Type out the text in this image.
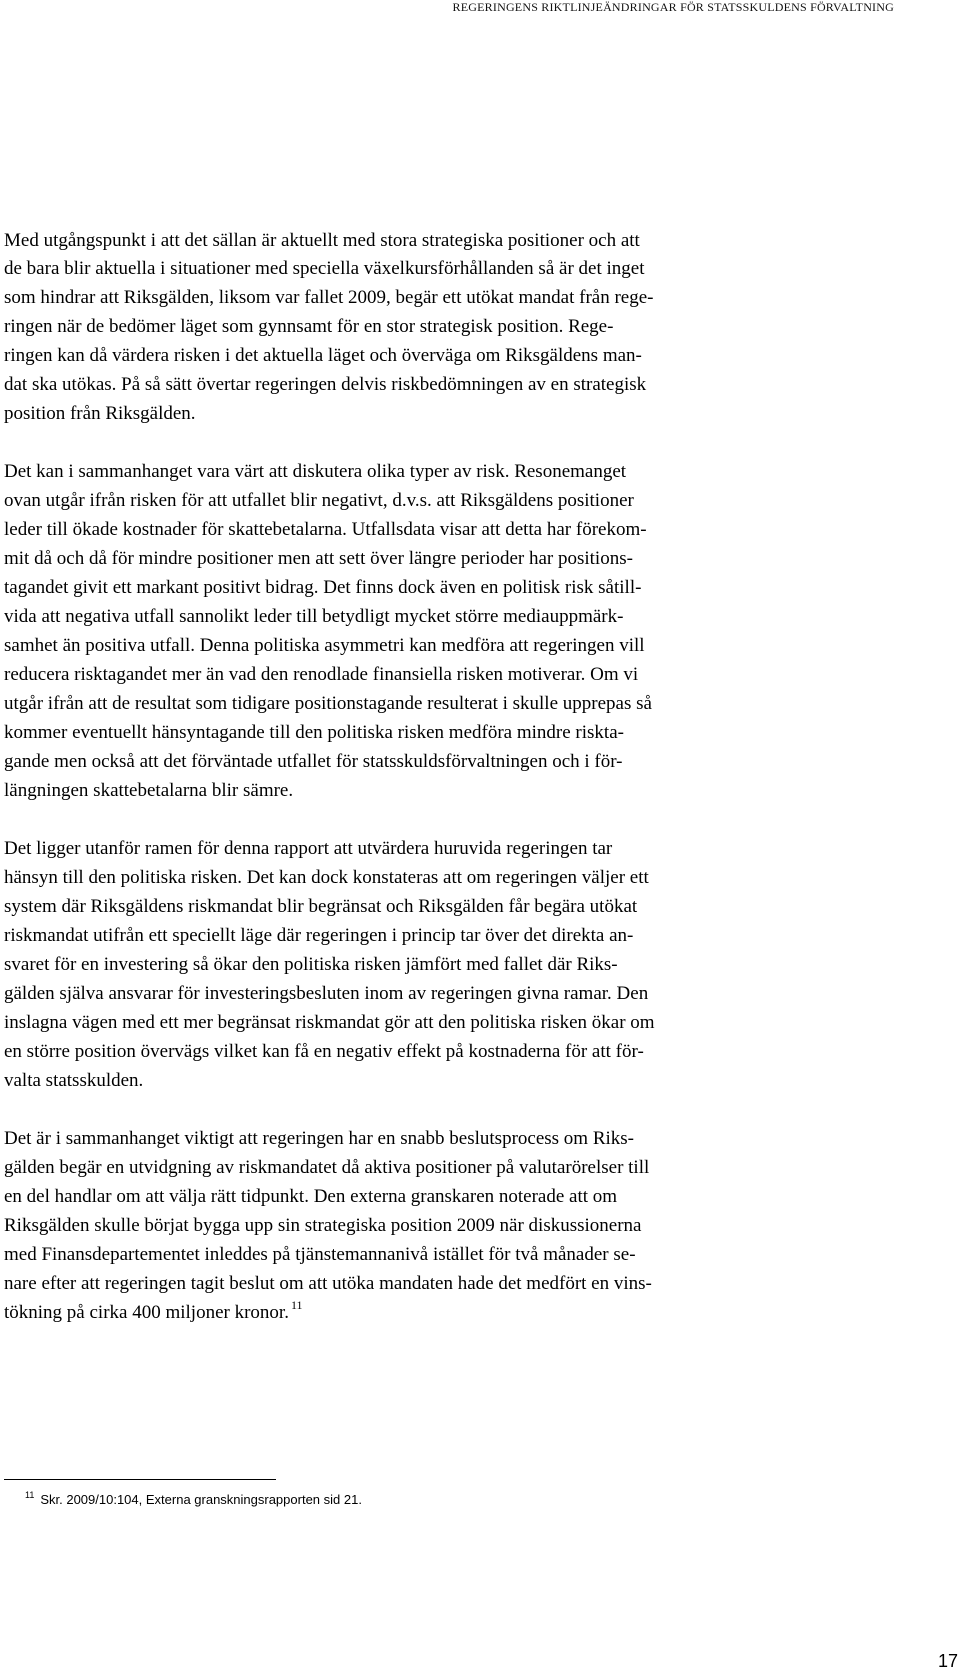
REGERINGENS RIKTLINJEÄNDRINGAR FÖR STATSSKULDENS FÖRVALTNING
Med utgångspunkt i att det sällan är aktuellt med stora strategiska positioner och att
de bara blir aktuella i situationer med speciella växelkursförhållanden så är det inget
som hindrar att Riksgälden, liksom var fallet 2009, begär ett utökat mandat från rege-
ringen när de bedömer läget som gynnsamt för en stor strategisk position. Rege-
ringen kan då värdera risken i det aktuella läget och överväga om Riksgäldens man-
dat ska utökas. På så sätt övertar regeringen delvis riskbedömningen av en strategisk
position från Riksgälden.
Det kan i sammanhanget vara värt att diskutera olika typer av risk. Resonemanget
ovan utgår ifrån risken för att utfallet blir negativt, d.v.s. att Riksgäldens positioner
leder till ökade kostnader för skattebetalarna. Utfallsdata visar att detta har förekom-
mit då och då för mindre positioner men att sett över längre perioder har positions-
tagandet givit ett markant positivt bidrag. Det finns dock även en politisk risk såtill-
vida att negativa utfall sannolikt leder till betydligt mycket större mediauppmärk-
samhet än positiva utfall. Denna politiska asymmetri kan medföra att regeringen vill
reducera risktagandet mer än vad den renodlade finansiella risken motiverar. Om vi
utgår ifrån att de resultat som tidigare positionstagande resulterat i skulle upprepas så
kommer eventuellt hänsyntagande till den politiska risken medföra mindre riskta-
gande men också att det förväntade utfallet för statsskuldsförvaltningen och i för-
längningen skattebetalarna blir sämre.
Det ligger utanför ramen för denna rapport att utvärdera huruvida regeringen tar
hänsyn till den politiska risken. Det kan dock konstateras att om regeringen väljer ett
system där Riksgäldens riskmandat blir begränsat och Riksgälden får begära utökat
riskmandat utifrån ett speciellt läge där regeringen i princip tar över det direkta an-
svaret för en investering så ökar den politiska risken jämfört med fallet där Riks-
gälden själva ansvarar för investeringsbesluten inom av regeringen givna ramar. Den
inslagna vägen med ett mer begränsat riskmandat gör att den politiska risken ökar om
en större position övervägs vilket kan få en negativ effekt på kostnaderna för att för-
valta statsskulden.
Det är i sammanhanget viktigt att regeringen har en snabb beslutsprocess om Riks-
gälden begär en utvidgning av riskmandatet då aktiva positioner på valutarörelser till
en del handlar om att välja rätt tidpunkt. Den externa granskaren noterade att om
Riksgälden skulle börjat bygga upp sin strategiska position 2009 när diskussionerna
med Finansdepartementet inleddes på tjänstemannanivå istället för två månader se-
nare efter att regeringen tagit beslut om att utöka mandaten hade det medfört en vins-
tökning på cirka 400 miljoner kronor. $^{11}$
$^{11}$ Skr. 2009/10:104, Externa granskningsrapporten sid 21.
17
